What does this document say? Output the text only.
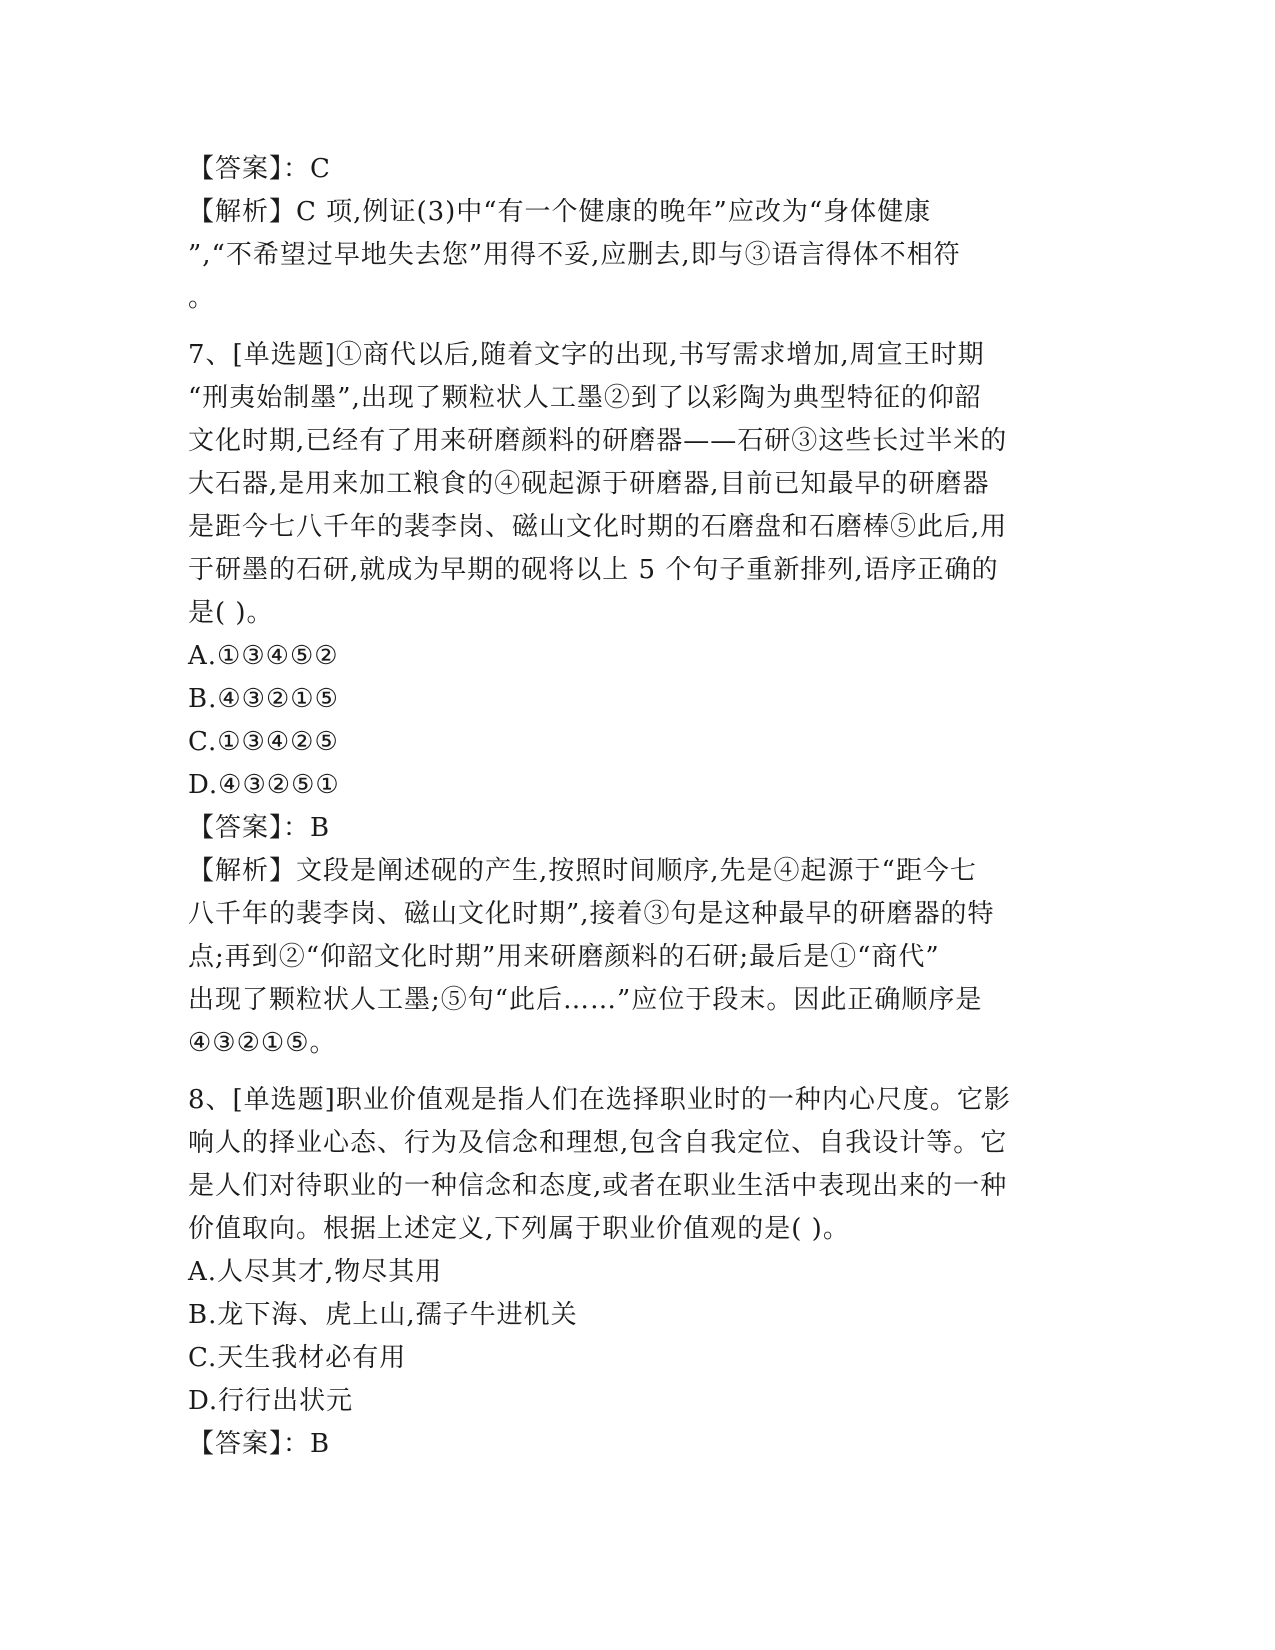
【答案】：C
【解析】C 项,例证(3)中“有一个健康的晚年”应改为“身体健康
”,“不希望过早地失去您”用得不妥,应删去,即与③语言得体不相符
。
7、[单选题]①商代以后,随着文字的出现,书写需求增加,周宣王时期
“刑夷始制墨”,出现了颗粒状人工墨②到了以彩陶为典型特征的仰韶
文化时期,已经有了用来研磨颜料的研磨器——石研③这些长过半米的
大石器,是用来加工粮食的④砚起源于研磨器,目前已知最早的研磨器
是距今七八千年的裴李岗、磁山文化时期的石磨盘和石磨棒⑤此后,用
于研墨的石研,就成为早期的砚将以上 5 个句子重新排列,语序正确的
是( )。
A.①③④⑤②
B.④③②①⑤
C.①③④②⑤
D.④③②⑤①
【答案】：B
【解析】文段是阐述砚的产生,按照时间顺序,先是④起源于“距今七
八千年的裴李岗、磁山文化时期”,接着③句是这种最早的研磨器的特
点;再到②“仰韶文化时期”用来研磨颜料的石研;最后是①“商代”
出现了颗粒状人工墨;⑤句“此后……”应位于段末。因此正确顺序是
④③②①⑤。
8、[单选题]职业价值观是指人们在选择职业时的一种内心尺度。它影
响人的择业心态、行为及信念和理想,包含自我定位、自我设计等。它
是人们对待职业的一种信念和态度,或者在职业生活中表现出来的一种
价值取向。根据上述定义,下列属于职业价值观的是( )。
A.人尽其才,物尽其用
B.龙下海、虎上山,孺子牛进机关
C.天生我材必有用
D.行行出状元
【答案】：B
